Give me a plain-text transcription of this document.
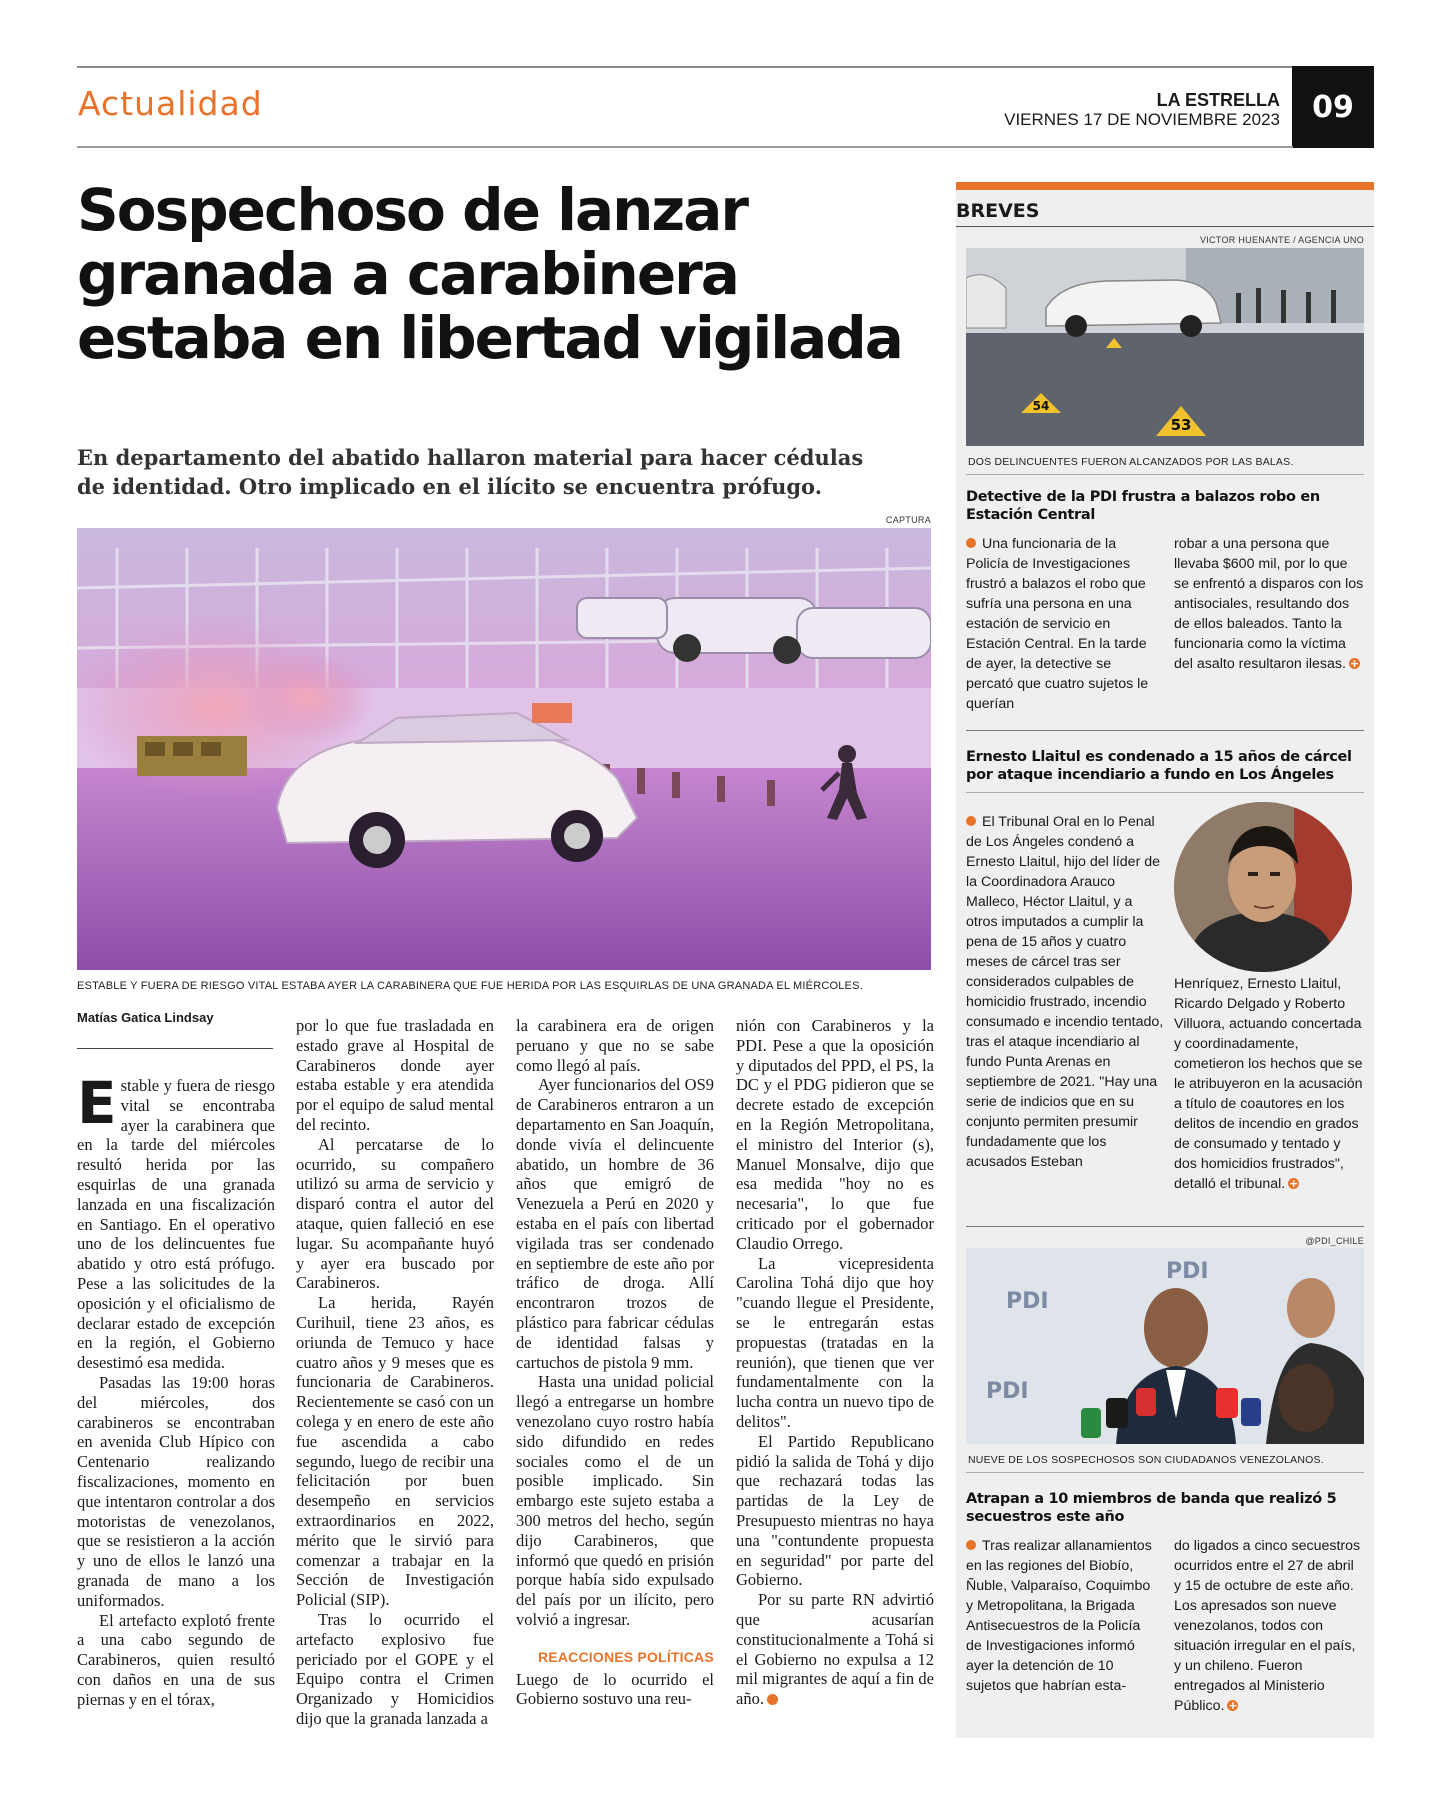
Actualidad	LA ESTRELLA
VIERNES 17 DE NOVIEMBRE 2023	09
Sospechoso de lanzar granada a carabinera estaba en libertad vigilada
En departamento del abatido hallaron material para hacer cédulas de identidad. Otro implicado en el ilícito se encuentra prófugo.
CAPTURA
ESTABLE Y FUERA DE RIESGO VITAL ESTABA AYER LA CARABINERA QUE FUE HERIDA POR LAS ESQUIRLAS DE UNA GRANADA EL MIÉRCOLES.
Matías Gatica Lindsay

Estable y fuera de riesgo vital se encontraba ayer la carabinera que en la tarde del miércoles resultó herida por las esquirlas de una granada lanzada en una fiscalización en Santiago. En el operativo uno de los delincuentes fue abatido y otro está prófugo. Pese a las solicitudes de la oposición y el oficialismo de declarar estado de excepción en la región, el Gobierno desestimó esa medida.

Pasadas las 19:00 horas del miércoles, dos carabineros se encontraban en avenida Club Hípico con Centenario realizando fiscalizaciones, momento en que intentaron controlar a dos motoristas de venezolanos, que se resistieron a la acción y uno de ellos le lanzó una granada de mano a los uniformados.

El artefacto explotó frente a una cabo segundo de Carabineros, quien resultó con daños en una de sus piernas y en el tórax,

por lo que fue trasladada en estado grave al Hospital de Carabineros donde ayer estaba estable y era atendida por el equipo de salud mental del recinto.

Al percatarse de lo ocurrido, su compañero utilizó su arma de servicio y disparó contra el autor del ataque, quien falleció en ese lugar. Su acompañante huyó y ayer era buscado por Carabineros.

La herida, Rayén Curihuil, tiene 23 años, es oriunda de Temuco y hace cuatro años y 9 meses que es funcionaria de Carabineros. Recientemente se casó con un colega y en enero de este año fue ascendida a cabo segundo, luego de recibir una felicitación por buen desempeño en servicios extraordinarios en 2022, mérito que le sirvió para comenzar a trabajar en la Sección de Investigación Policial (SIP).

Tras lo ocurrido el artefacto explosivo fue periciado por el GOPE y el Equipo contra el Crimen Organizado y Homicidios dijo que la granada lanzada a

la carabinera era de origen peruano y que no se sabe como llegó al país.

Ayer funcionarios del OS9 de Carabineros entraron a un departamento en San Joaquín, donde vivía el delincuente abatido, un hombre de 36 años que emigró de Venezuela a Perú en 2020 y estaba en el país con libertad vigilada tras ser condenado en septiembre de este año por tráfico de droga. Allí encontraron trozos de plástico para fabricar cédulas de identidad falsas y cartuchos de pistola 9 mm.

Hasta una unidad policial llegó a entregarse un hombre venezolano cuyo rostro había sido difundido en redes sociales como el de un posible implicado. Sin embargo este sujeto estaba a 300 metros del hecho, según dijo Carabineros, que informó que quedó en prisión porque había sido expulsado del país por un ilícito, pero volvió a ingresar.

REACCIONES POLÍTICAS

Luego de lo ocurrido el Gobierno sostuvo una reu-

nión con Carabineros y la PDI. Pese a que la oposición y diputados del PPD, el PS, la DC y el PDG pidieron que se decrete estado de excepción en la Región Metropolitana, el ministro del Interior (s), Manuel Monsalve, dijo que esa medida "hoy no es necesaria", lo que fue criticado por el gobernador Claudio Orrego.

La vicepresidenta Carolina Tohá dijo que hoy "cuando llegue el Presidente, se le entregarán estas propuestas (tratadas en la reunión), que tienen que ver fundamentalmente con la lucha contra un nuevo tipo de delitos".

El Partido Republicano pidió la salida de Tohá y dijo que rechazará todas las partidas de la Ley de Presupuesto mientras no haya una "contundente propuesta en seguridad" por parte del Gobierno.

Por su parte RN advirtió que acusarían constitucionalmente a Tohá si el Gobierno no expulsa a 12 mil migrantes de aquí a fin de año.+

BREVES
VICTOR HUENANTE / AGENCIA UNO
54
53
DOS DELINCUENTES FUERON ALCANZADOS POR LAS BALAS.
Detective de la PDI frustra a balazos robo en Estación Central
Una funcionaria de la Policía de Investigaciones frustró a balazos el robo que sufría una persona en una estación de servicio en Estación Central. En la tarde de ayer, la detective se percató que cuatro sujetos le querían
robar a una persona que llevaba $600 mil, por lo que se enfrentó a disparos con los antisociales, resultando dos de ellos baleados. Tanto la funcionaria como la víctima del asalto resultaron ilesas.+
Ernesto Llaitul es condenado a 15 años de cárcel por ataque incendiario a fundo en Los Ángeles
El Tribunal Oral en lo Penal de Los Ángeles condenó a Ernesto Llaitul, hijo del líder de la Coordinadora Arauco Malleco, Héctor Llaitul, y a otros imputados a cumplir la pena de 15 años y cuatro meses de cárcel tras ser considerados culpables de homicidio frustrado, incendio consumado e incendio tentado, tras el ataque incendiario al fundo Punta Arenas en septiembre de 2021. "Hay una serie de indicios que en su conjunto permiten presumir fundadamente que los acusados Esteban
Henríquez, Ernesto Llaitul, Ricardo Delgado y Roberto Villuora, actuando concertada y coordinadamente, cometieron los hechos que se le atribuyeron en la acusación a título de coautores en los delitos de incendio en grados de consumado y tentado y dos homicidios frustrados", detalló el tribunal.+
@PDI_CHILE
PDI
PDI
PDI
NUEVE DE LOS SOSPECHOSOS SON CIUDADANOS VENEZOLANOS.
Atrapan a 10 miembros de banda que realizó 5 secuestros este año
Tras realizar allanamientos en las regiones del Biobío, Ñuble, Valparaíso, Coquimbo y Metropolitana, la Brigada Antisecuestros de la Policía de Investigaciones informó ayer la detención de 10 sujetos que habrían esta-
do ligados a cinco secuestros ocurridos entre el 27 de abril y 15 de octubre de este año. Los apresados son nueve venezolanos, todos con situación irregular en el país, y un chileno. Fueron entregados al Ministerio Público.+
